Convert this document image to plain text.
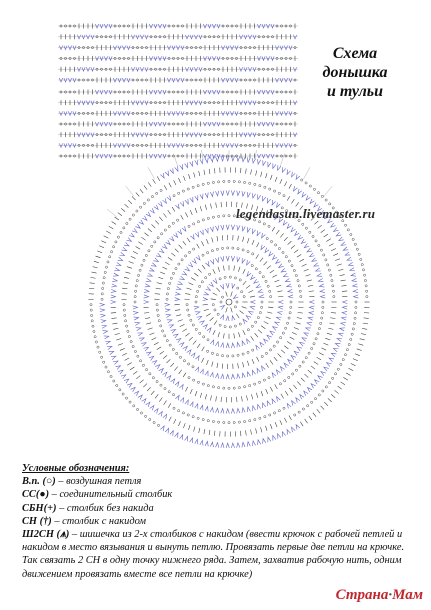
Схема
донышка
и тульи
legendasun.livemaster.ru
Условные обозначения:
В.п. (○) – воздушная петля
СС(●) – соединительный столбик
СБН(+) – столбик без накида
СН (†) – столбик с накидом
Ш2СН (⩚) – шишечка из 2-х столбиков с накидом (ввести крючок с рабочей петлей и накидом в место вязывания и вынуть петлю. Провязать первые две петли на крючке. Так связать 2 СН в одну точку нижнего ряда. Затем, захватив рабочую нить, одним движением провязать вместе все петли на крючке)
Страна·Мам
